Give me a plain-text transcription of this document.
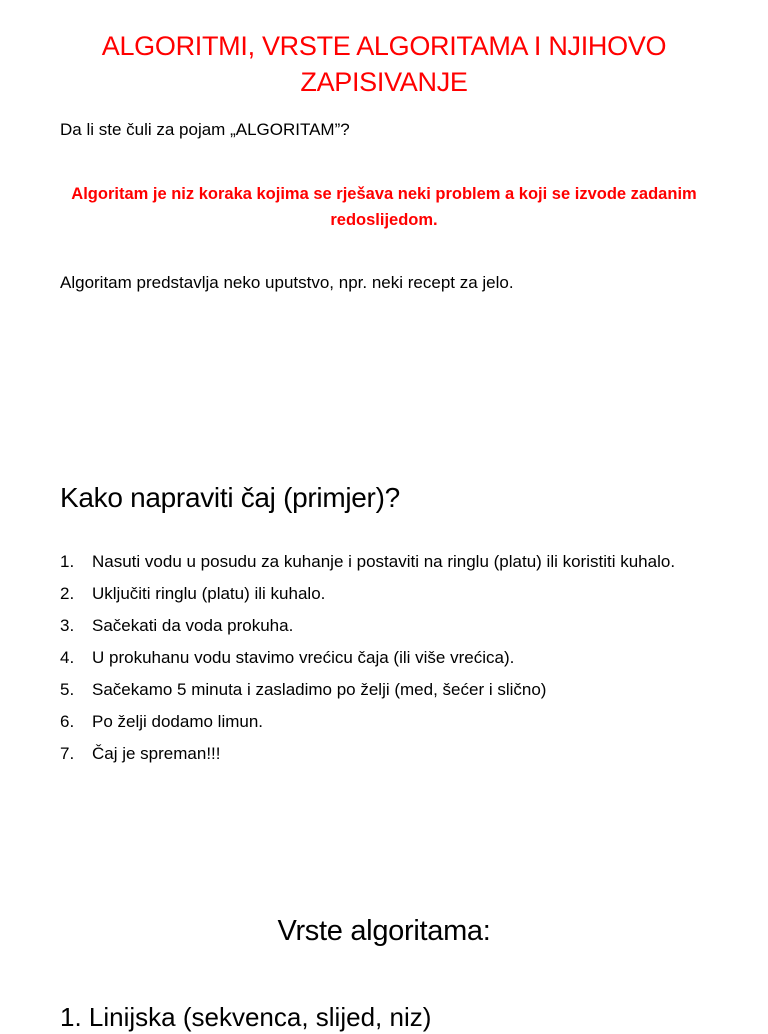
ALGORITMI, VRSTE ALGORITAMA I NJIHOVO ZAPISIVANJE

Da li ste čuli za pojam „ALGORITAM”?

Algoritam je niz koraka kojima se rješava neki problem a koji se izvode zadanim redoslijedom.

Algoritam predstavlja neko uputstvo, npr. neki recept za jelo.

Kako napraviti čaj (primjer)?
1.	Nasuti vodu u posudu za kuhanje i postaviti na ringlu (platu) ili koristiti kuhalo.
2.	Uključiti ringlu (platu) ili kuhalo.
3.	Sačekati da voda prokuha.
4.	U prokuhanu vodu stavimo vrećicu čaja (ili više vrećica).
5.	Sačekamo 5 minuta i zasladimo po želji (med, šećer i slično)
6.	Po želji dodamo limun.
7.	Čaj je spreman!!!
Vrste algoritama:

1. Linijska (sekvenca, slijed, niz)
